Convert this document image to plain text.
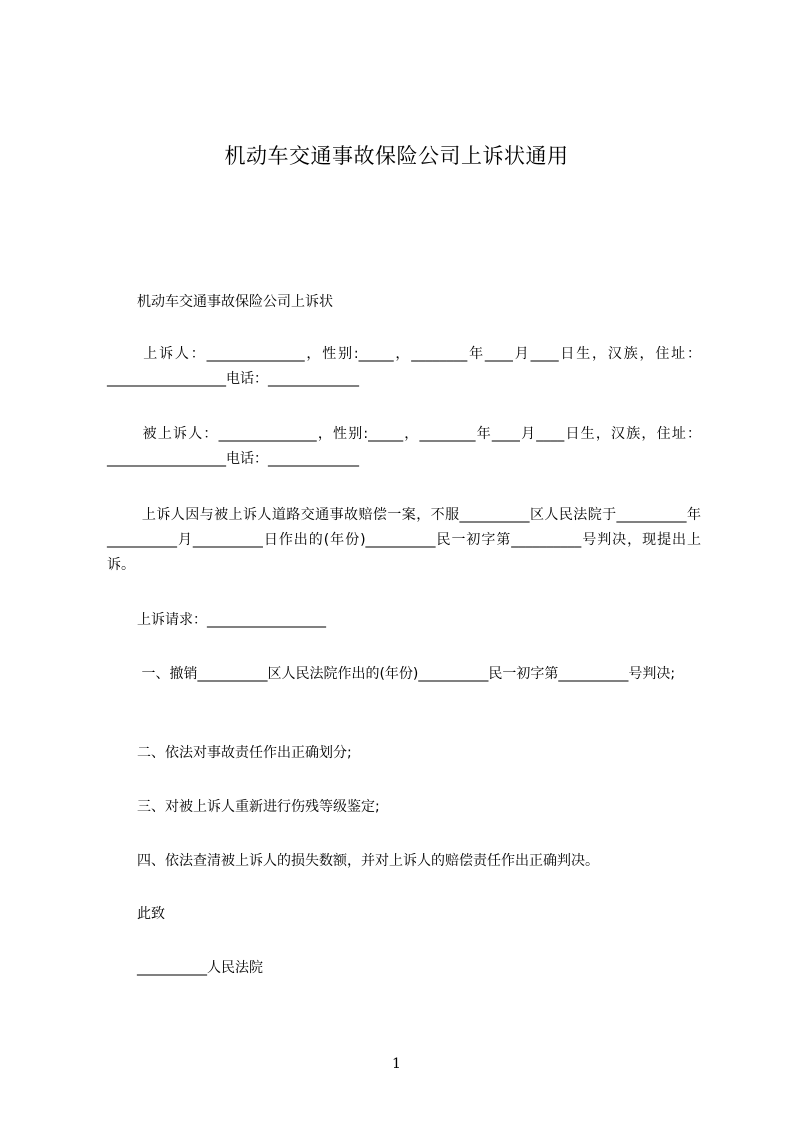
机动车交通事故保险公司上诉状通用
机动车交通事故保险公司上诉状
上诉人：______________，性别:_____，________年____月____日生，汉族，住址：_________________电话：_____________
被上诉人：______________，性别:_____，________年____月____日生，汉族，住址：_________________电话：_____________
上诉人因与被上诉人道路交通事故赔偿一案，不服__________区人民法院于__________年__________月__________日作出的(年份)__________民一初字第__________号判决，现提出上诉。
上诉请求：_________________
一、撤销__________区人民法院作出的(年份)__________民一初字第__________号判决;
二、依法对事故责任作出正确划分;
三、对被上诉人重新进行伤残等级鉴定;
四、依法查清被上诉人的损失数额，并对上诉人的赔偿责任作出正确判决。
此致
__________人民法院
1
